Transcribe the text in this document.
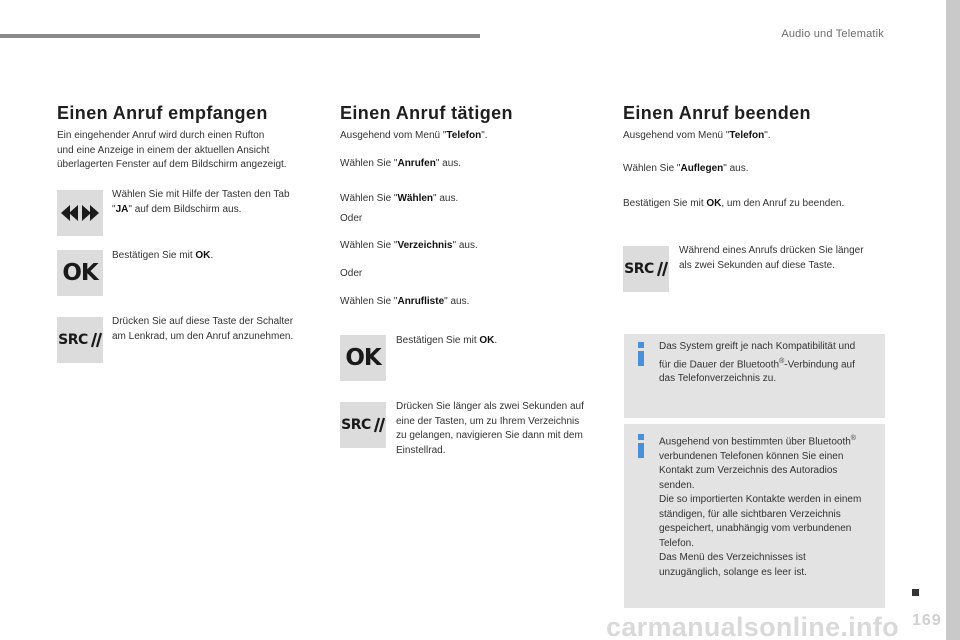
Audio und Telematik
Einen Anruf empfangen
Ein eingehender Anruf wird durch einen Rufton
und eine Anzeige in einem der aktuellen Ansicht
überlagerten Fenster auf dem Bildschirm angezeigt.
Wählen Sie mit Hilfe der Tasten den Tab
"JA" auf dem Bildschirm aus.
OK
Bestätigen Sie mit OK.
SRC
Drücken Sie auf diese Taste der Schalter
am Lenkrad, um den Anruf anzunehmen.
Einen Anruf tätigen
Ausgehend vom Menü "Telefon".
Wählen Sie "Anrufen" aus.
Wählen Sie "Wählen" aus.
Oder
Wählen Sie "Verzeichnis" aus.
Oder
Wählen Sie "Anrufliste" aus.
OK
Bestätigen Sie mit OK.
SRC
Drücken Sie länger als zwei Sekunden auf
eine der Tasten, um zu Ihrem Verzeichnis
zu gelangen, navigieren Sie dann mit dem
Einstellrad.
Einen Anruf beenden
Ausgehend vom Menü "Telefon".
Wählen Sie "Auflegen" aus.
Bestätigen Sie mit OK, um den Anruf zu beenden.
SRC
Während eines Anrufs drücken Sie länger
als zwei Sekunden auf diese Taste.
Das System greift je nach Kompatibilität und
für die Dauer der Bluetooth®-Verbindung auf
das Telefonverzeichnis zu.
Ausgehend von bestimmten über Bluetooth®
verbundenen Telefonen können Sie einen
Kontakt zum Verzeichnis des Autoradios
senden.
Die so importierten Kontakte werden in einem
ständigen, für alle sichtbaren Verzeichnis
gespeichert, unabhängig vom verbundenen
Telefon.
Das Menü des Verzeichnisses ist
unzugänglich, solange es leer ist.
carmanualsonline.info 169
